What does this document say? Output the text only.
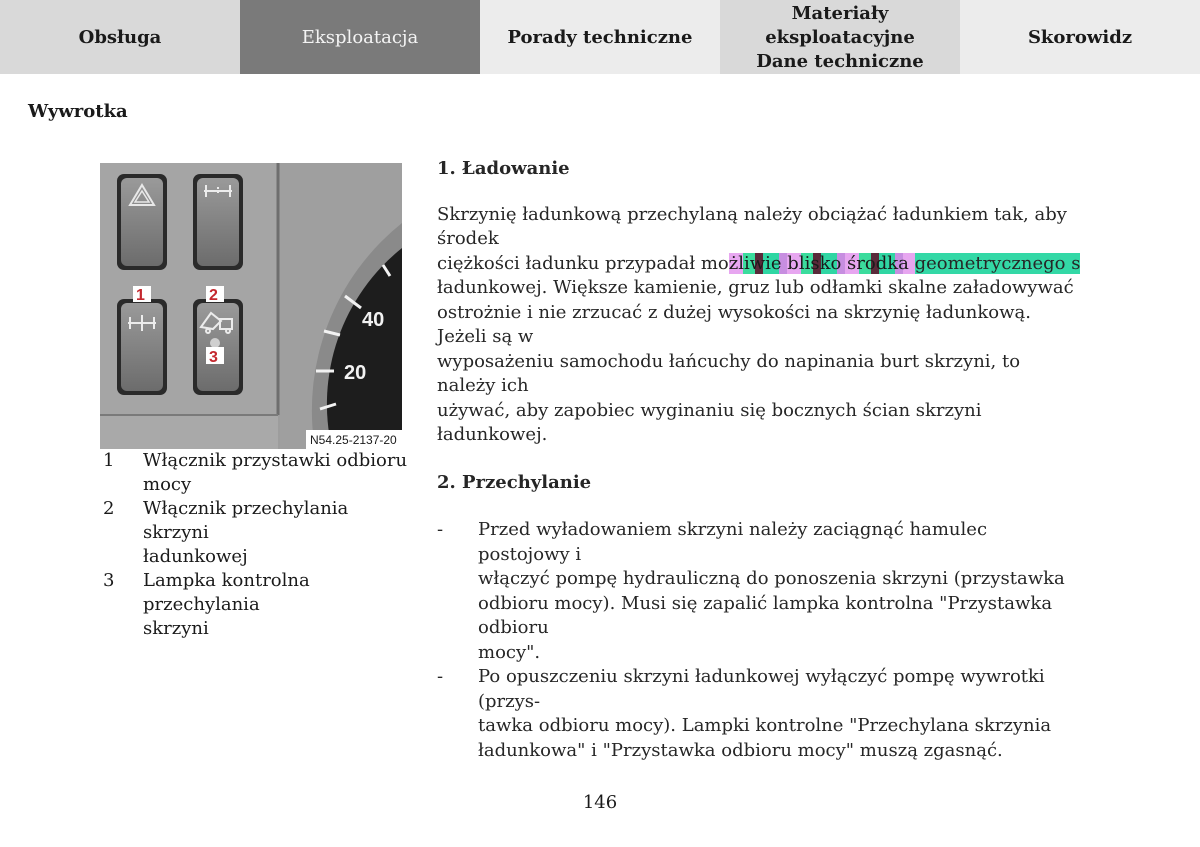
Obsługa	Eksploatacja	Porady techniczne
Materiały eksploatacyjne
Dane techniczne
Skorowidz
Wywrotka
40
20
1	2
3
N54.25-2137-20
1	Włącznik przystawki odbioru
mocy
2	Włącznik przechylania skrzyni
ładunkowej
3	Lampka kontrolna przechylania
skrzyni
1. Ładowanie
Skrzynię ładunkową przechylaną należy obciążać ładunkiem tak, aby środek
ciężkości ładunku przypadał możliwie blisko środka geometrycznego s
ładunkowej. Większe kamienie, gruz lub odłamki skalne załadowywać
ostrożnie i nie zrzucać z dużej wysokości na skrzynię ładunkową. Jeżeli są w
wyposażeniu samochodu łańcuchy do napinania burt skrzyni, to należy ich
używać, aby zapobiec wyginaniu się bocznych ścian skrzyni ładunkowej.
2. Przechylanie
-	Przed wyładowaniem skrzyni należy zaciągnąć hamulec postojowy i
włączyć pompę hydrauliczną do ponoszenia skrzyni (przystawka
odbioru mocy). Musi się zapalić lampka kontrolna "Przystawka odbioru
mocy".
-	Po opuszczeniu skrzyni ładunkowej wyłączyć pompę wywrotki (przys-
tawka odbioru mocy). Lampki kontrolne "Przechylana skrzynia
ładunkowa" i "Przystawka odbioru mocy" muszą zgasnąć.
146
